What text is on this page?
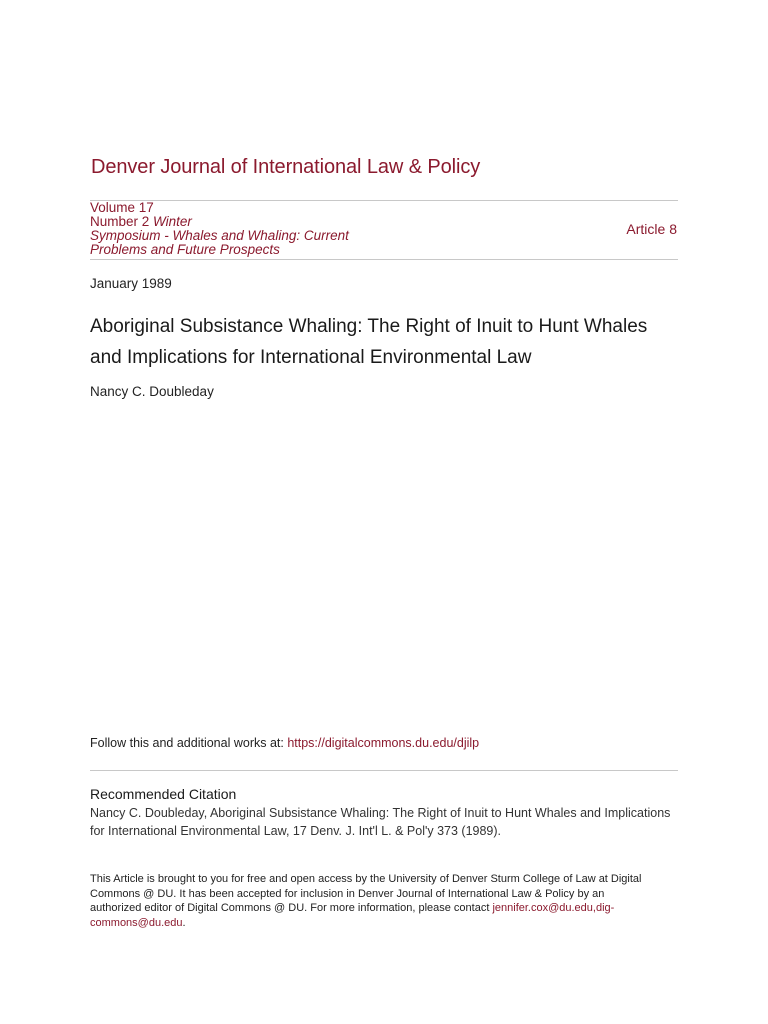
Denver Journal of International Law & Policy
Volume 17
Number 2 Winter
Symposium - Whales and Whaling: Current
Problems and Future Prospects
Article 8
January 1989
Aboriginal Subsistance Whaling: The Right of Inuit to Hunt Whales
and Implications for International Environmental Law
Nancy C. Doubleday
Follow this and additional works at: https://digitalcommons.du.edu/djilp
Recommended Citation
Nancy C. Doubleday, Aboriginal Subsistance Whaling: The Right of Inuit to Hunt Whales and Implications
for International Environmental Law, 17 Denv. J. Int'l L. & Pol'y 373 (1989).
This Article is brought to you for free and open access by the University of Denver Sturm College of Law at Digital
Commons @ DU. It has been accepted for inclusion in Denver Journal of International Law & Policy by an
authorized editor of Digital Commons @ DU. For more information, please contact jennifer.cox@du.edu,dig-
commons@du.edu.
